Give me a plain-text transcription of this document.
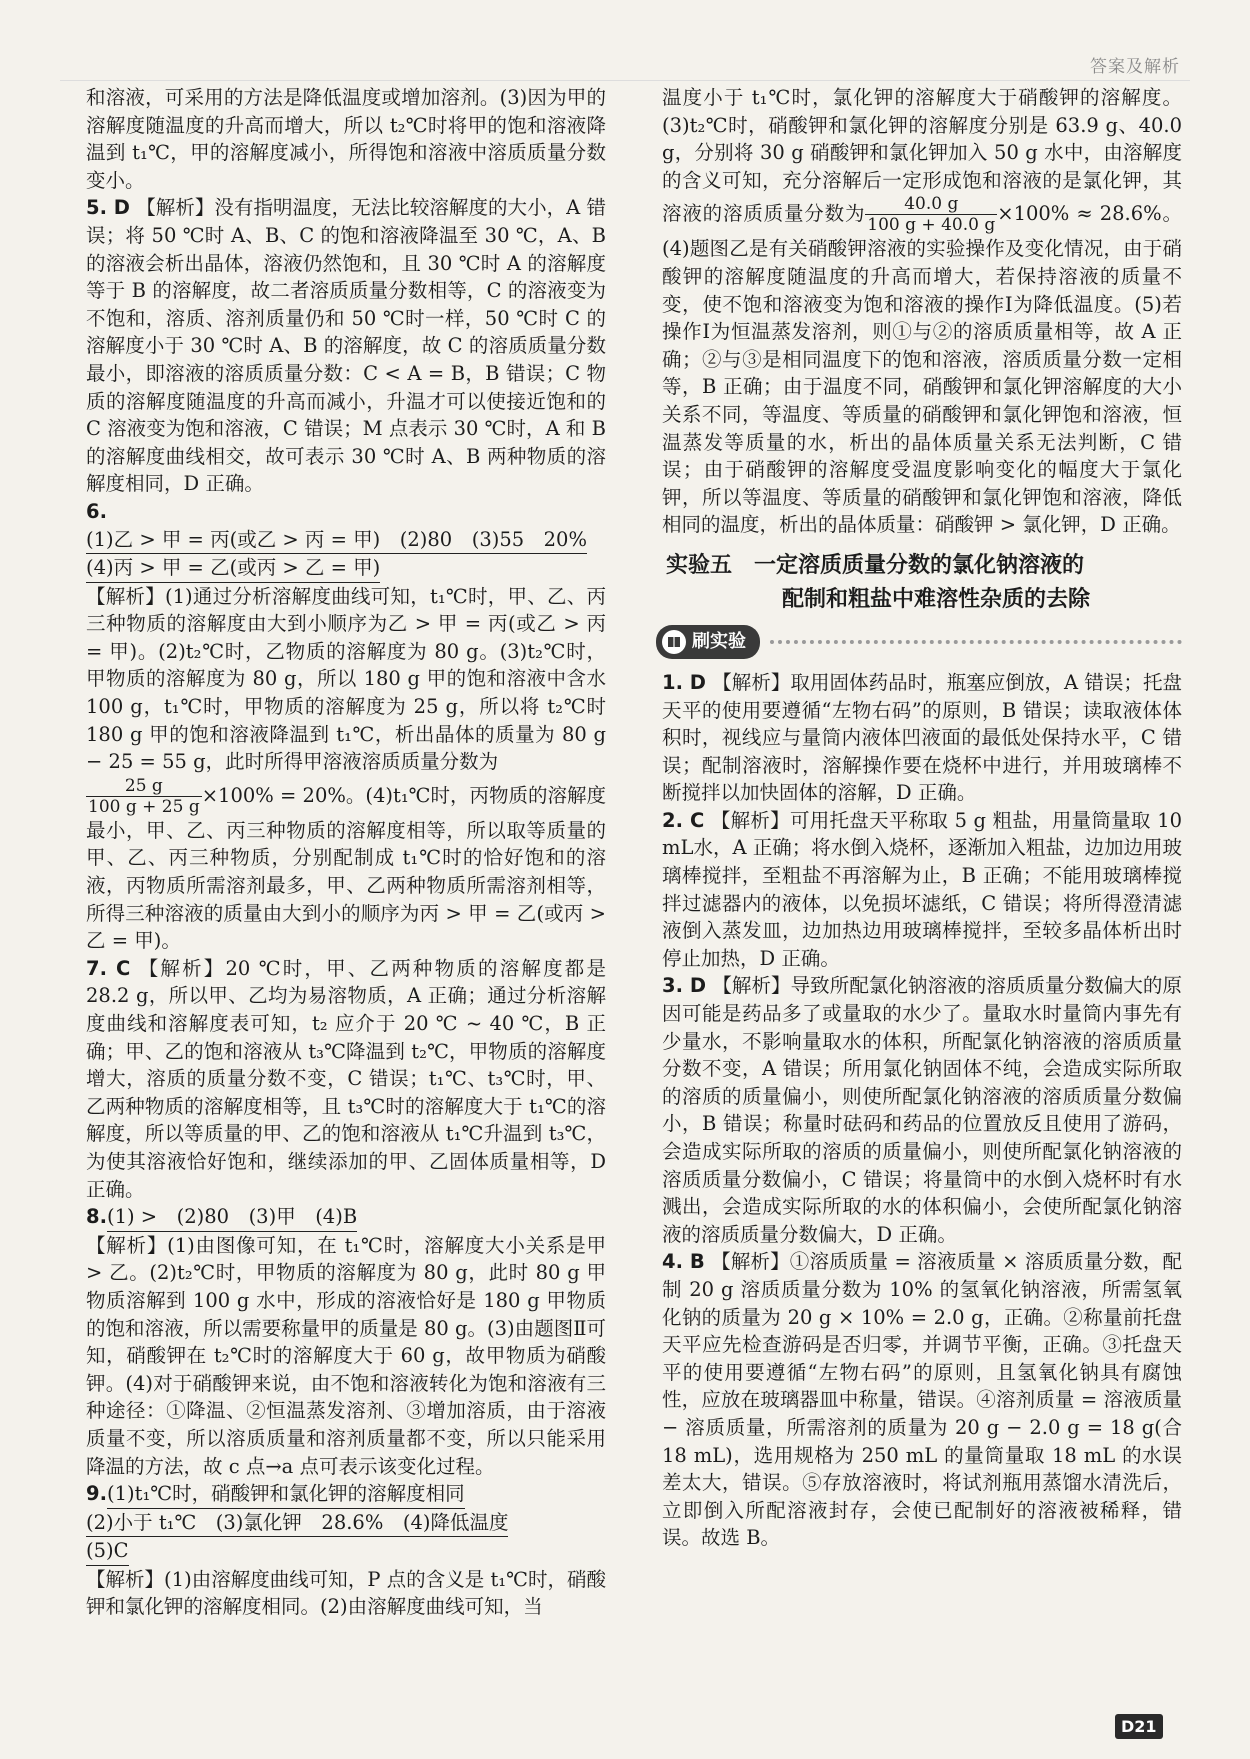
答案及解析

和溶液，可采用的方法是降低温度或增加溶剂。(3)因为甲的溶解度随温度的升高而增大，所以 t₂℃时将甲的饱和溶液降温到 t₁℃，甲的溶解度减小，所得饱和溶液中溶质质量分数变小。

5. D 【解析】没有指明温度，无法比较溶解度的大小，A 错误；将 50 ℃时 A、B、C 的饱和溶液降温至 30 ℃，A、B 的溶液会析出晶体，溶液仍然饱和，且 30 ℃时 A 的溶解度等于 B 的溶解度，故二者溶质质量分数相等，C 的溶液变为不饱和，溶质、溶剂质量仍和 50 ℃时一样，50 ℃时 C 的溶解度小于 30 ℃时 A、B 的溶解度，故 C 的溶质质量分数最小，即溶液的溶质质量分数：C < A = B，B 错误；C 物质的溶解度随温度的升高而减小，升温才可以使接近饱和的 C 溶液变为饱和溶液，C 错误；M 点表示 30 ℃时，A 和 B 的溶解度曲线相交，故可表示 30 ℃时 A、B 两种物质的溶解度相同，D 正确。

6.(1)乙 > 甲 = 丙(或乙 > 丙 = 甲)　(2)80　(3)55　20%

(4)丙 > 甲 = 乙(或丙 > 乙 = 甲)

【解析】(1)通过分析溶解度曲线可知，t₁℃时，甲、乙、丙三种物质的溶解度由大到小顺序为乙 > 甲 = 丙(或乙 > 丙 = 甲)。(2)t₂℃时，乙物质的溶解度为 80 g。(3)t₂℃时，甲物质的溶解度为 80 g，所以 180 g 甲的饱和溶液中含水 100 g，t₁℃时，甲物质的溶解度为 25 g，所以将 t₂℃时 180 g 甲的饱和溶液降温到 t₁℃，析出晶体的质量为 80 g − 25 = 55 g，此时所得甲溶液溶质质量分数为

$\frac{25 g}{100 g + 25 g} \times 100\% = 20\%$。(4)t₁℃时，丙物质的溶解度最小，甲、乙、丙三种物质的溶解度相等，所以取等质量的甲、乙、丙三种物质，分别配制成 t₁℃时的恰好饱和的溶液，丙物质所需溶剂最多，甲、乙两种物质所需溶剂相等，所得三种溶液的质量由大到小的顺序为丙 > 甲 = 乙(或丙 > 乙 = 甲)。

7. C 【解析】20 ℃时，甲、乙两种物质的溶解度都是 28.2 g，所以甲、乙均为易溶物质，A 正确；通过分析溶解度曲线和溶解度表可知，t₂ 应介于 20 ℃ ~ 40 ℃，B 正确；甲、乙的饱和溶液从 t₃℃降温到 t₂℃，甲物质的溶解度增大，溶质的质量分数不变，C 错误；t₁℃、t₃℃时，甲、乙两种物质的溶解度相等，且 t₃℃时的溶解度大于 t₁℃的溶解度，所以等质量的甲、乙的饱和溶液从 t₁℃升温到 t₃℃，为使其溶液恰好饱和，继续添加的甲、乙固体质量相等，D 正确。

8.(1) >　(2)80　(3)甲　(4)B

【解析】(1)由图像可知，在 t₁℃时，溶解度大小关系是甲 > 乙。(2)t₂℃时，甲物质的溶解度为 80 g，此时 80 g 甲物质溶解到 100 g 水中，形成的溶液恰好是 180 g 甲物质的饱和溶液，所以需要称量甲的质量是 80 g。(3)由题图Ⅱ可知，硝酸钾在 t₂℃时的溶解度大于 60 g，故甲物质为硝酸钾。(4)对于硝酸钾来说，由不饱和溶液转化为饱和溶液有三种途径：①降温、②恒温蒸发溶剂、③增加溶质，由于溶液质量不变，所以溶质质量和溶剂质量都不变，所以只能采用降温的方法，故 c 点→a 点可表示该变化过程。

9.(1)t₁℃时，硝酸钾和氯化钾的溶解度相同

(2)小于 t₁℃　(3)氯化钾　28.6%　(4)降低温度

(5)C

【解析】(1)由溶解度曲线可知，P 点的含义是 t₁℃时，硝酸钾和氯化钾的溶解度相同。(2)由溶解度曲线可知，当

温度小于 t₁℃时，氯化钾的溶解度大于硝酸钾的溶解度。(3)t₂℃时，硝酸钾和氯化钾的溶解度分别是 63.9 g、40.0 g，分别将 30 g 硝酸钾和氯化钾加入 50 g 水中，由溶解度的含义可知，充分溶解后一定形成饱和溶液的是氯化钾，其溶液的溶质质量分数为 $\frac{40.0 g}{100 g + 40.0 g} \times 100\% \approx 28.6\%$。(4)题图乙是有关硝酸钾溶液的实验操作及变化情况，由于硝酸钾的溶解度随温度的升高而增大，若保持溶液的质量不变，使不饱和溶液变为饱和溶液的操作Ⅰ为降低温度。(5)若操作Ⅰ为恒温蒸发溶剂，则①与②的溶质质量相等，故 A 正确；②与③是相同温度下的饱和溶液，溶质质量分数一定相等，B 正确；由于温度不同，硝酸钾和氯化钾溶解度的大小关系不同，等温度、等质量的硝酸钾和氯化钾饱和溶液，恒温蒸发等质量的水，析出的晶体质量关系无法判断，C 错误；由于硝酸钾的溶解度受温度影响变化的幅度大于氯化钾，所以等温度、等质量的硝酸钾和氯化钾饱和溶液，降低相同的温度，析出的晶体质量：硝酸钾 > 氯化钾，D 正确。

实验五　一定溶质质量分数的氯化钠溶液的
配制和粗盐中难溶性杂质的去除
刷实验

1. D 【解析】取用固体药品时，瓶塞应倒放，A 错误；托盘天平的使用要遵循“左物右码”的原则，B 错误；读取液体体积时，视线应与量筒内液体凹液面的最低处保持水平，C 错误；配制溶液时，溶解操作要在烧杯中进行，并用玻璃棒不断搅拌以加快固体的溶解，D 正确。

2. C 【解析】可用托盘天平称取 5 g 粗盐，用量筒量取 10 mL水，A 正确；将水倒入烧杯，逐渐加入粗盐，边加边用玻璃棒搅拌，至粗盐不再溶解为止，B 正确；不能用玻璃棒搅拌过滤器内的液体，以免损坏滤纸，C 错误；将所得澄清滤液倒入蒸发皿，边加热边用玻璃棒搅拌，至较多晶体析出时停止加热，D 正确。

3. D 【解析】导致所配氯化钠溶液的溶质质量分数偏大的原因可能是药品多了或量取的水少了。量取水时量筒内事先有少量水，不影响量取水的体积，所配氯化钠溶液的溶质质量分数不变，A 错误；所用氯化钠固体不纯，会造成实际所取的溶质的质量偏小，则使所配氯化钠溶液的溶质质量分数偏小，B 错误；称量时砝码和药品的位置放反且使用了游码，会造成实际所取的溶质的质量偏小，则使所配氯化钠溶液的溶质质量分数偏小，C 错误；将量筒中的水倒入烧杯时有水溅出，会造成实际所取的水的体积偏小，会使所配氯化钠溶液的溶质质量分数偏大，D 正确。

4. B 【解析】①溶质质量 = 溶液质量 × 溶质质量分数，配制 20 g 溶质质量分数为 10% 的氢氧化钠溶液，所需氢氧化钠的质量为 20 g × 10% = 2.0 g，正确。②称量前托盘天平应先检查游码是否归零，并调节平衡，正确。③托盘天平的使用要遵循“左物右码”的原则，且氢氧化钠具有腐蚀性，应放在玻璃器皿中称量，错误。④溶剂质量 = 溶液质量 − 溶质质量，所需溶剂的质量为 20 g − 2.0 g = 18 g(合 18 mL)，选用规格为 250 mL 的量筒量取 18 mL 的水误差太大，错误。⑤存放溶液时，将试剂瓶用蒸馏水清洗后，立即倒入所配溶液封存，会使已配制好的溶液被稀释，错误。故选 B。

D21
